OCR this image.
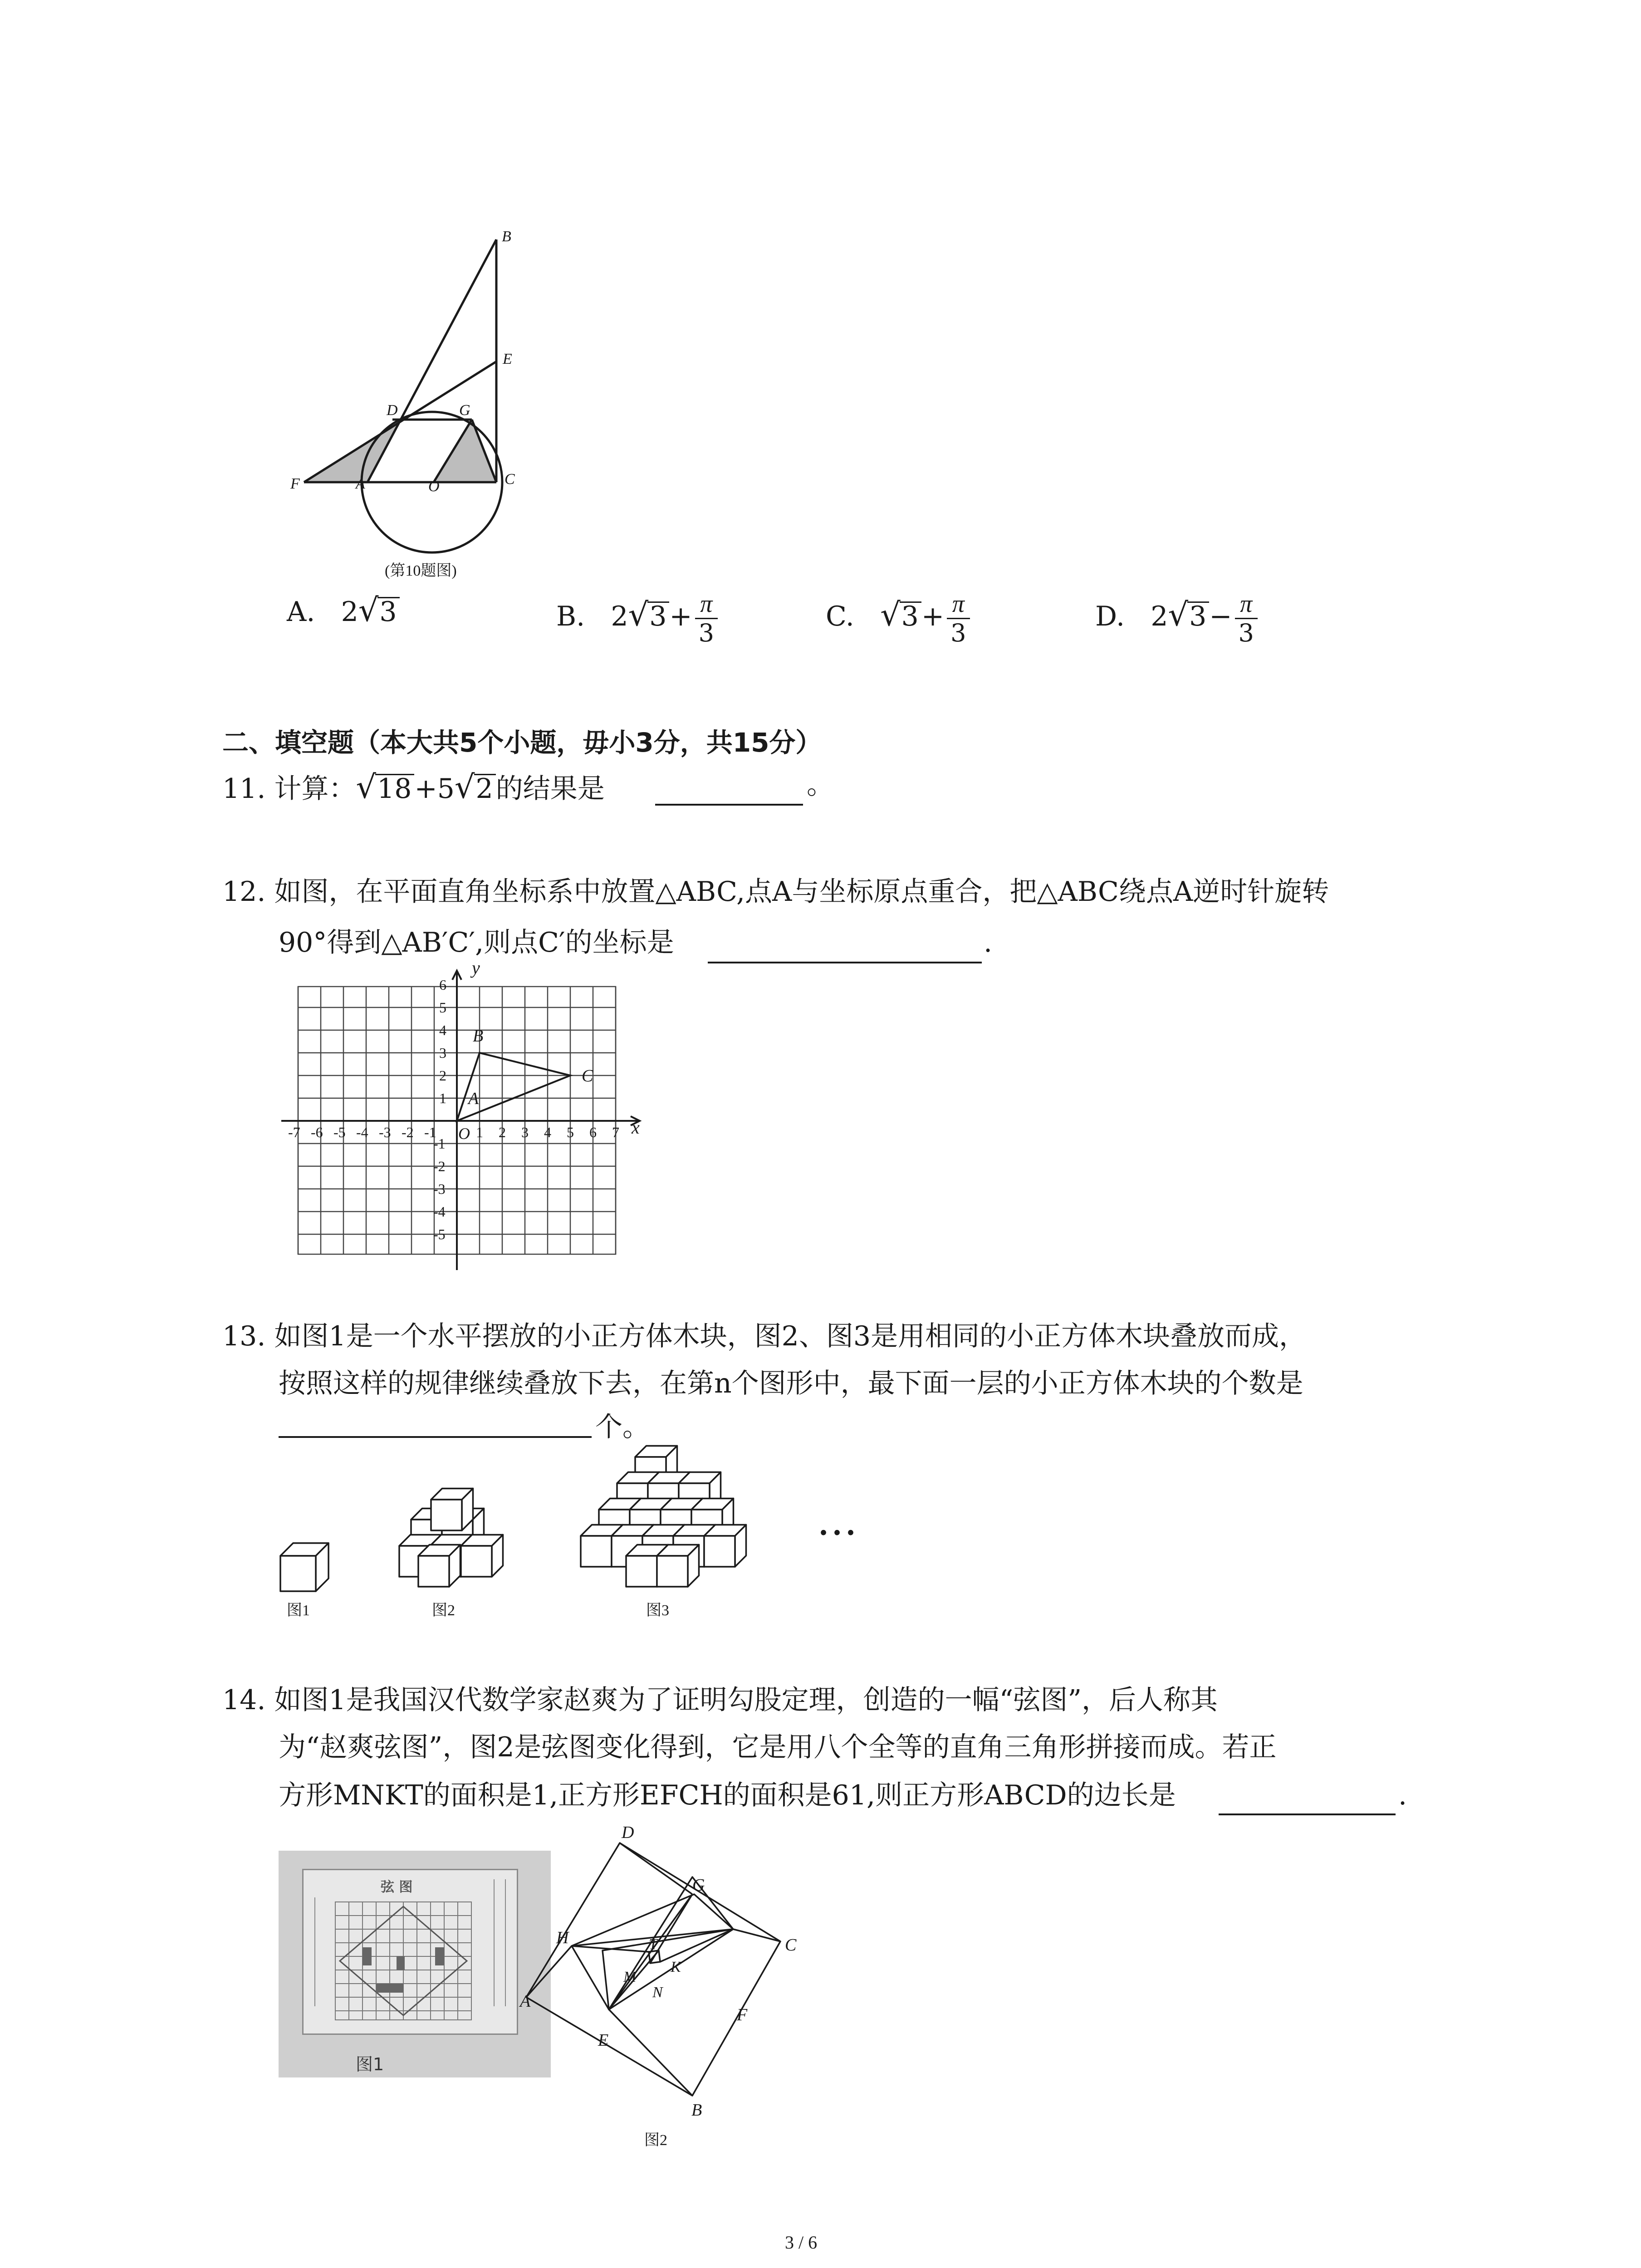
B
E
D	G
F	A	O	C
(第10题图)
A. 2√3	B. $2√3 + \frac{\pi}{3}$	C. $√3 + \frac{\pi}{3}$	D. $2√3 - \frac{\pi}{3}$
二、填空题（本大共5个小题，毋小3分，共15分）
11. 计算：√18 +5√2 的结果是	。
12. 如图，在平面直角坐标系中放置△ABC,点A与坐标原点重合，把△ABC绕点A逆时针旋转
90°得到△AB′C′,则点C′的坐标是	.
y
x
O
A
B
C
-7 -6 -5 -4 -3 -2 -1	1 2 3 4 5 6 7
6
5
4
3
2
1
-1
-2
-3
-4
-5
13. 如图1是一个水平摆放的小正方体木块，图2、图3是用相同的小正方体木块叠放而成，
按照这样的规律继续叠放下去，在第n个图形中，最下面一层的小正方体木块的个数是
个。
图1	图2	图3
…
14. 如图1是我国汉代数学家赵爽为了证明勾股定理，创造的一幅“弦图”，后人称其
为“赵爽弦图”，图2是弦图变化得到，它是用八个全等的直角三角形拼接而成。若正
方形MNKT的面积是1,正方形EFCH的面积是61,则正方形ABCD的边长是	.
弦 图
图1
D
G
H	C
T
K
M
N
A
F
E
B
图2
3 / 6
